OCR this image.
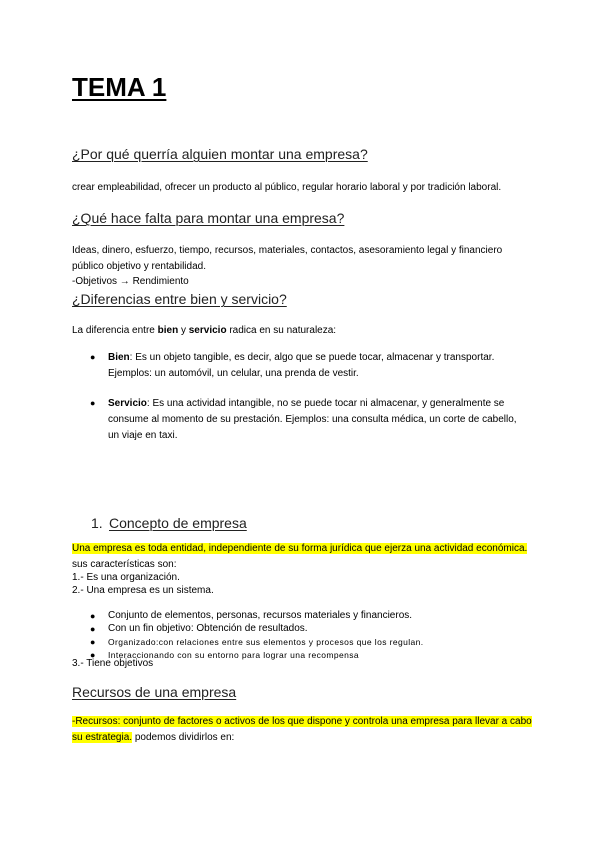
TEMA 1
¿Por qué querría alguien montar una empresa?

crear empleabilidad, ofrecer un producto al público, regular horario laboral y por tradición laboral.

¿Qué hace falta para montar una empresa?

Ideas, dinero, esfuerzo, tiempo, recursos, materiales, contactos, asesoramiento legal y financiero público objetivo y rentabilidad.

-Objetivos → Rendimiento

¿Diferencias entre bien y servicio?

La diferencia entre bien y servicio radica en su naturaleza:

● Bien: Es un objeto tangible, es decir, algo que se puede tocar, almacenar y transportar. Ejemplos: un automóvil, un celular, una prenda de vestir.

● Servicio: Es una actividad intangible, no se puede tocar ni almacenar, y generalmente se consume al momento de su prestación. Ejemplos: una consulta médica, un corte de cabello, un viaje en taxi.

1. Concepto de empresa

Una empresa es toda entidad, independiente de su forma jurídica que ejerza una actividad económica. sus características son:

1.- Es una organización.

2.- Una empresa es un sistema.

● Conjunto de elementos, personas, recursos materiales y financieros.

● Con un fin objetivo: Obtención de resultados.

● Organizado:con relaciones entre sus elementos y procesos que los regulan.

● Interaccionando con su entorno para lograr una recompensa

3.- Tiene objetivos

Recursos de una empresa

-Recursos: conjunto de factores o activos de los que dispone y controla una empresa para llevar a cabo su estrategia. podemos dividirlos en:
